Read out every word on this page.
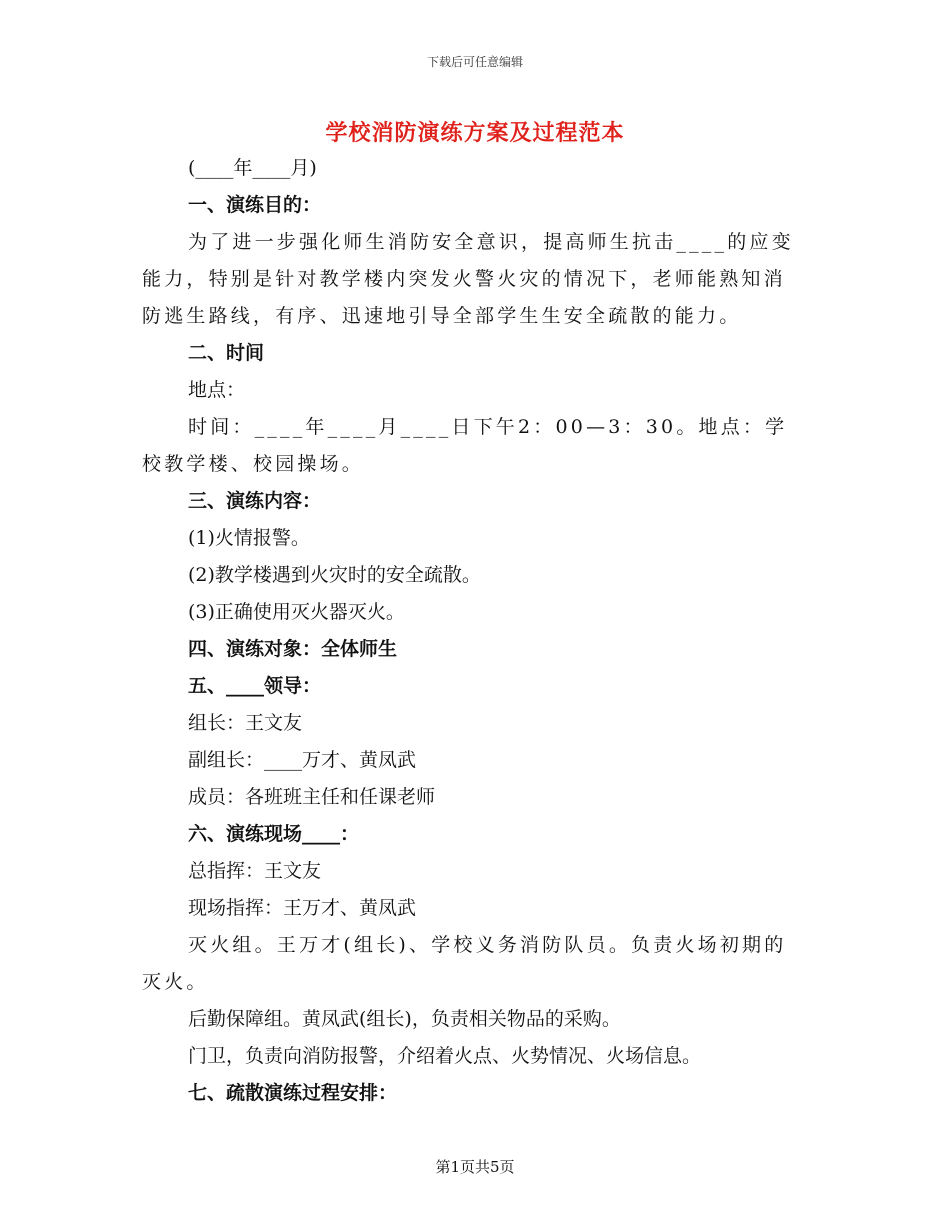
下载后可任意编辑
学校消防演练方案及过程范本

(____年____月)

一、演练目的：

为了进一步强化师生消防安全意识，提高师生抗击____的应变能力，特别是针对教学楼内突发火警火灾的情况下，老师能熟知消防逃生路线，有序、迅速地引导全部学生生安全疏散的能力。

二、时间

地点：

时间：____年____月____日下午2：00—3：30。地点：学校教学楼、校园操场。

三、演练内容：

(1)火情报警。

(2)教学楼遇到火灾时的安全疏散。

(3)正确使用灭火器灭火。

四、演练对象：全体师生

五、____领导：

组长：王文友

副组长：____万才、黄凤武

成员：各班班主任和任课老师

六、演练现场____：

总指挥：王文友

现场指挥：王万才、黄凤武

灭火组。王万才(组长)、学校义务消防队员。负责火场初期的灭火。

后勤保障组。黄凤武(组长)，负责相关物品的采购。

门卫，负责向消防报警，介绍着火点、火势情况、火场信息。

七、疏散演练过程安排：

第1页共5页
